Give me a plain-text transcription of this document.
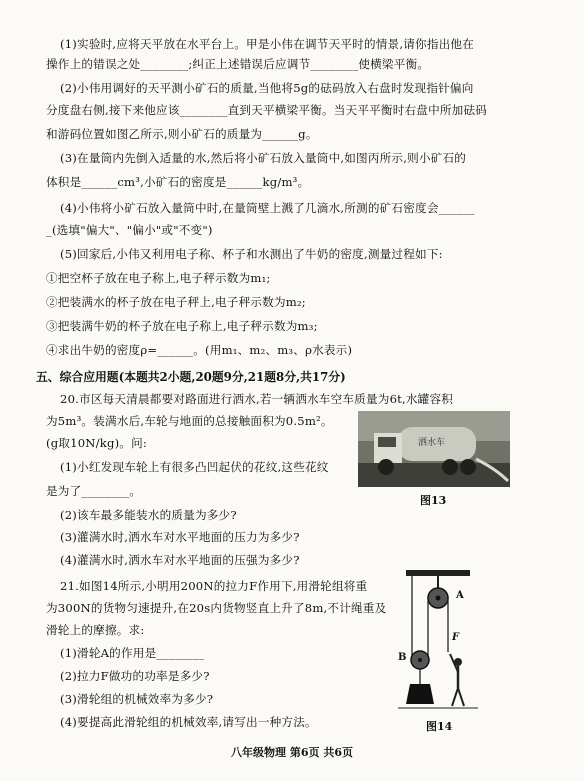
(1)实验时,应将天平放在水平台上。甲是小伟在调节天平时的情景,请你指出他在
操作上的错误之处________;纠正上述错误后应调节________使横梁平衡。
(2)小伟用调好的天平测小矿石的质量,当他将5g的砝码放入右盘时发现指针偏向
分度盘右侧,接下来他应该________直到天平横梁平衡。当天平平衡时右盘中所加砝码
和游码位置如图乙所示,则小矿石的质量为______g。
(3)在量筒内先倒入适量的水,然后将小矿石放入量筒中,如图丙所示,则小矿石的
体积是______cm³,小矿石的密度是______kg/m³。
(4)小伟将小矿石放入量筒中时,在量筒壁上溅了几滴水,所测的矿石密度会______
_(选填"偏大"、"偏小"或"不变")
(5)回家后,小伟又利用电子称、杯子和水测出了牛奶的密度,测量过程如下:
①把空杯子放在电子称上,电子秤示数为m₁;
②把装满水的杯子放在电子秤上,电子秤示数为m₂;
③把装满牛奶的杯子放在电子称上,电子秤示数为m₃;
④求出牛奶的密度ρ=______。(用m₁、m₂、m₃、ρ水表示)
五、综合应用题(本题共2小题,20题9分,21题8分,共17分)
20.市区每天清晨都要对路面进行洒水,若一辆洒水车空车质量为6t,水罐容积
为5m³。装满水后,车轮与地面的总接触面积为0.5m²。
(g取10N/kg)。问:
(1)小红发现车轮上有很多凸凹起伏的花纹,这些花纹
是为了________。
(2)该车最多能装水的质量为多少?
(3)灌满水时,洒水车对水平地面的压力为多少?
(4)灌满水时,洒水车对水平地面的压强为多少?
洒水车
图13
21.如图14所示,小明用200N的拉力F作用下,用滑轮组将重
为300N的货物匀速提升,在20s内货物竖直上升了8m,不计绳重及
滑轮上的摩擦。求:
(1)滑轮A的作用是________
(2)拉力F做功的功率是多少?
(3)滑轮组的机械效率为多少?
(4)要提高此滑轮组的机械效率,请写出一种方法。
A
B
F
图14
八年级物理 第6页 共6页
